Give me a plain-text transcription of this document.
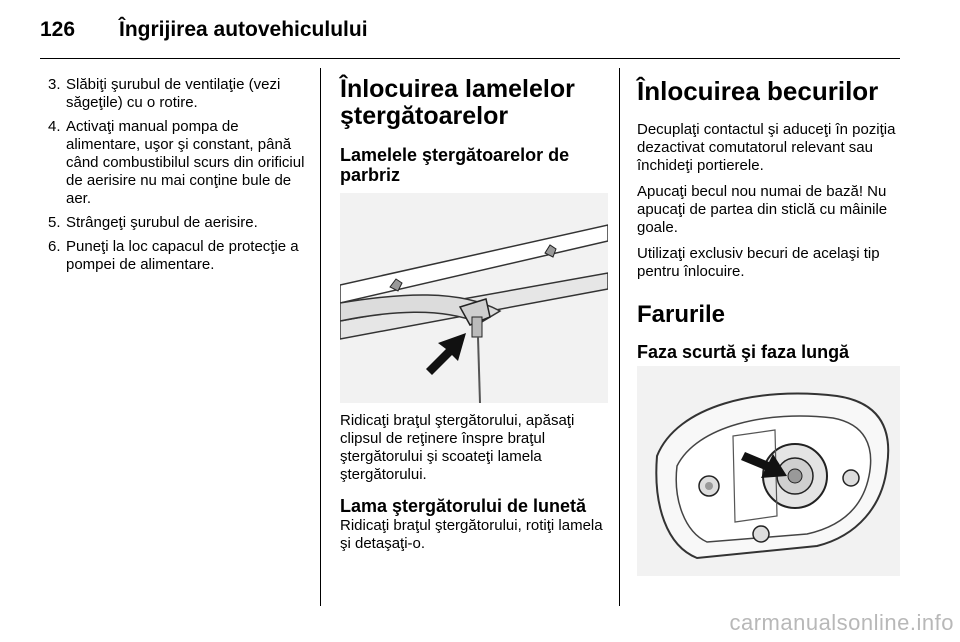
126 Îngrijirea autovehiculului
3. Slăbiţi şurubul de ventilaţie (vezi săgeţile) cu o rotire.
4. Activaţi manual pompa de alimentare, uşor şi constant, până când combustibilul scurs din orificiul de aerisire nu mai conţine bule de aer.
5. Strângeţi şurubul de aerisire.
6. Puneţi la loc capacul de protecţie a pompei de alimentare.
Înlocuirea lamelelor
ştergătoarelor
Lamelele ştergătoarelor de
parbriz

Ridicaţi braţul ştergătorului, apăsaţi clipsul de reţinere înspre braţul ştergătorului şi scoateţi lamela ştergătorului.

Lama ştergătorului de lunetă

Ridicaţi braţul ştergătorului, rotiţi lamela şi detaşaţi-o.

Înlocuirea becurilor

Decuplaţi contactul şi aduceţi în poziţia dezactivat comutatorul relevant sau închideţi portierele.

Apucaţi becul nou numai de bază! Nu apucaţi de partea din sticlă cu mâinile goale.

Utilizaţi exclusiv becuri de acelaşi tip pentru înlocuire.

Farurile
Faza scurtă şi faza lungă
carmanualsonline.info
